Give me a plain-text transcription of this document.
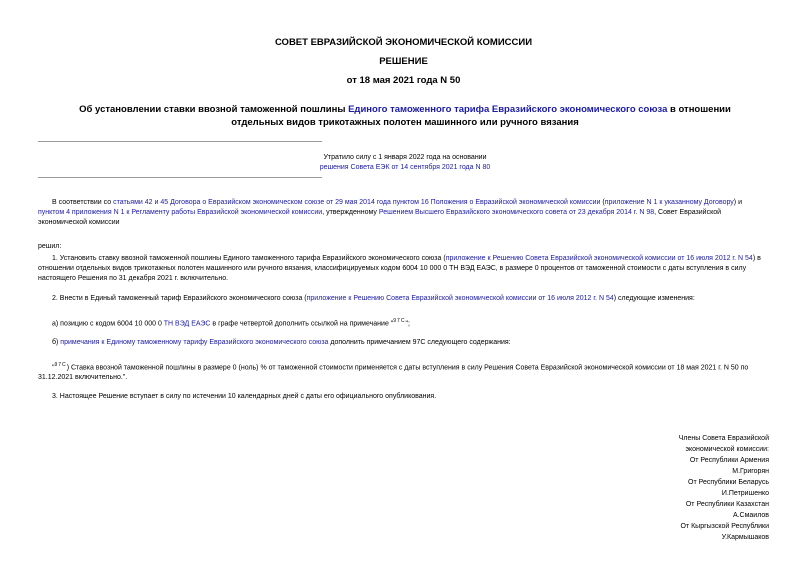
СОВЕТ ЕВРАЗИЙСКОЙ ЭКОНОМИЧЕСКОЙ КОМИССИИ
РЕШЕНИЕ
от 18 мая 2021 года N 50
Об установлении ставки ввозной таможенной пошлины Единого таможенного тарифа Евразийского экономического союза в отношении отдельных видов трикотажных полотен машинного или ручного вязания
Утратило силу с 1 января 2022 года на основании
решения Совета ЕЭК от 14 сентября 2021 года N 80
В соответствии со статьями 42 и 45 Договора о Евразийском экономическом союзе от 29 мая 2014 года пунктом 16 Положения о Евразийской экономической комиссии (приложение N 1 к указанному Договору) и пунктом 4 приложения N 1 к Регламенту работы Евразийской экономической комиссии, утвержденному Решением Высшего Евразийского экономического совета от 23 декабря 2014 г. N 98, Совет Евразийской экономической комиссии
решил:
1. Установить ставку ввозной таможенной пошлины Единого таможенного тарифа Евразийского экономического союза (приложение к Решению Совета Евразийской экономической комиссии от 16 июля 2012 г. N 54) в отношении отдельных видов трикотажных полотен машинного или ручного вязания, классифицируемых кодом 6004 10 000 0 ТН ВЭД ЕАЭС, в размере 0 процентов от таможенной стоимости с даты вступления в силу настоящего Решения по 31 декабря 2021 г. включительно.
2. Внести в Единый таможенный тариф Евразийского экономического союза (приложение к Решению Совета Евразийской экономической комиссии от 16 июля 2012 г. N 54) следующие изменения:
а) позицию с кодом 6004 10 000 0 ТН ВЭД ЕАЭС в графе четвертой дополнить ссылкой на примечание "$^{97С}$";
б) примечания к Единому таможенному тарифу Евразийского экономического союза дополнить примечанием 97С следующего содержания:
"$^{97С}$) Ставка ввозной таможенной пошлины в размере 0 (ноль) % от таможенной стоимости применяется с даты вступления в силу Решения Совета Евразийской экономической комиссии от 18 мая 2021 г. N 50 по 31.12.2021 включительно.".
3. Настоящее Решение вступает в силу по истечении 10 календарных дней с даты его официального опубликования.
Члены Совета Евразийской
экономической комиссии:
От Республики Армения
М.Григорян
От Республики Беларусь
И.Петришенко
От Республики Казахстан
А.Смаилов
От Кыргызской Республики
У.Кармышаков
